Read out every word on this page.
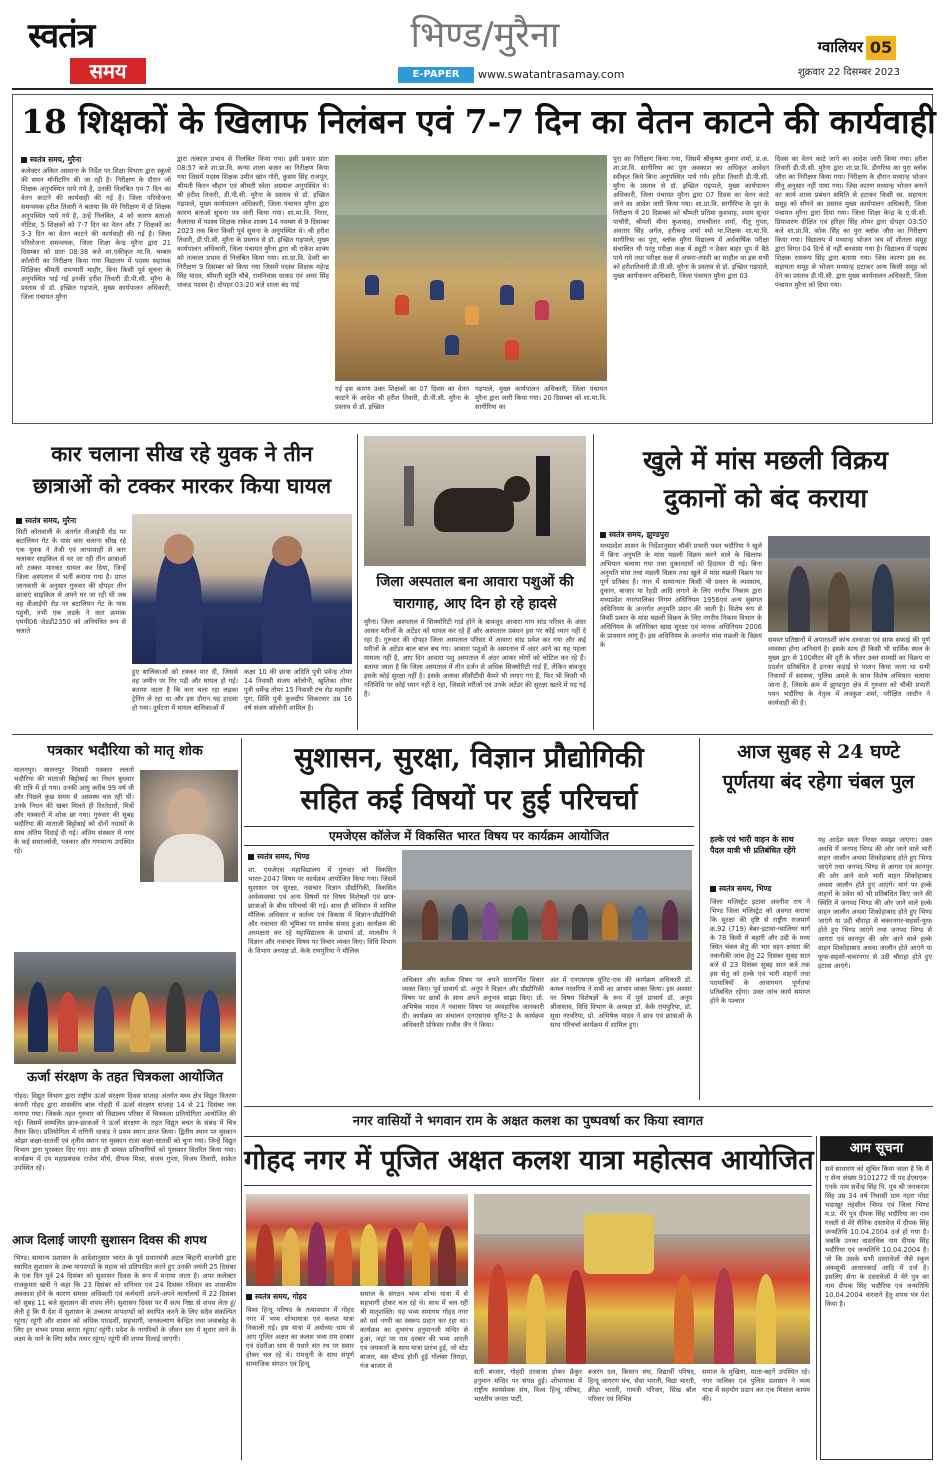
स्वतंत्र
समय
भिण्ड/मुरैना
E-PAPER	www.swatantrasamay.com
ग्वालियर 05
शुक्रवार 22 दिसम्बर 2023
18 शिक्षकों के खिलाफ निलंबन एवं 7-7 दिन का वेतन काटने की कार्यवाही
स्वतंत्र समय, मुरैना
कलेक्टर अंकित अस्थाना के निर्देश पर शिक्षा विभाग द्वारा स्कूलों की सघन मॉनीटरिंग की जा रही है। निरीक्षण के दौरान जो शिक्षक अनुपस्थित पाये गये है, उनकी निलंबित एवं 7 दिन का वेतन काटने की कार्यवाही की गई है। जिला परियोजना समन्वयक हरीश तिवारी ने बताया कि मेरे निरीक्षण में दो शिक्षक अनुपस्थित पाये गये है, उन्हें निलंबित, 4 को कारण बताओ नोटिस, 5 शिक्षकों को 7-7 दिन का वेतन और 7 शिक्षकों का 3-3 दिन का वेतन काटने की कार्यवाही की गई है। जिला परियोजना समन्वयक, जिला शिक्षा केन्द्र मुरैना द्वारा 21 दिसम्बर को प्रातः 08:38 बजे शा.एकीकृत मा.वि. चम्बल कॉलोनी का निरीक्षण किया गया विद्यालय में पदस्थ सहायक शिक्षिका श्रीमती रामप्यारी माहौर, बिना किसी पूर्व सूचना के अनुपस्थित पाई गईं इनकी हरीश तिवारी डी.पी.सी. मुरैना के प्रस्ताव से डॉ. इच्छित गढ़पाले, मुख्य कार्यपालन अधिकारी, जिला पंचायत मुरैना
द्वारा तत्काल प्रभाव से निलंबित किया गया। इसी प्रकार प्रातः 08:57 बजे शा.प्रा.वि. कन्या शाला बजार का निरीक्षण किया गया जिसमें पदस्थ शिक्षक उमीत खांन गोरी, कुसम सिंह राजपूत, श्रीमती किरन चौहान एवं श्रीमती स्वेता अग्रवाल अनुपस्थित थे। श्री हरीश तिवारी, डी.पी.सी. मुरैना के प्रस्ताव से डॉ. इच्छित गढ़पाले, मुख्य कार्यपालन अधिकारी, जिला पंचायत मुरैना द्वारा कारण बताओ सूचना पत्र जारी किया गया। शा.मा.वि. निरार, कैलारस में पदस्थ शिक्षक राकेश शाक्य 14 नवम्बर से 9 दिसम्बर 2023 तक बिना किसी पूर्व सूचना के अनुपस्थित थे। श्री हरीश तिवारी, डी.पी.सी. मुरैना के प्रस्ताव से डॉ. इच्छित गढ़पाले, मुख्य कार्यपालन अधिकारी, जिला पंचायत मुरैना द्वारा श्री राकेश शाक्य को तत्काल प्रभाव से निलंबित किया गया। शा.प्रा.वि. देवरी का निरीक्षण 9 दिसम्बर को किया गया जिसमें पदस्थ शिक्षक महेन्द्र सिंह यादव, श्रीमती स्तुति चौबे, रामनिवास धाकड एवं अमर सिंह धाकड पदस्थ है। दोपहर 03:20 बजे शाला बंद पाई
गई इस कारण उक्त शिक्षकों का 07 दिवस का वेतन काटने के आदेश श्री हरीश तिवारी, डी.पी.सी. मुरैना के प्रस्ताव से डॉ. इच्छित
गढ़पाले, मुख्य कार्यपालन अधिकारी, जिला पंचायत मुरैना द्वारा जारी किया गया। 20 दिसम्बर को शा.मा.वि. सागीरिया का
पुरा का निरीक्षण किया गया, जिसमें श्रीकृष्ण कुमार शर्मा, प्र.अ. शा.प्रा.वि. सागीरिया का पुरा अवकाश का अधिकृत आवेदन स्वीकृत किये बिना अनुपस्थित पाये गये। हरीश तिवारी डी.पी.सी. मुरैना के प्रस्ताव से डॉ. इच्छित गढ़पाले, मुख्य कार्यपालन अधिकारी, जिला पंचायत मुरैना द्वारा 07 दिवस का वेतन काटे जाने का आदेश जारी किया गया। शा.प्रा.वि. सागीरिया के पुरा के निरीक्षण में 20 दिसम्बर को श्रीमती प्रतिमा कुशवाह, श्याम सुन्दर पाचौरी, श्रीमती मीना कुशवाह, रामश्रीतार शर्मा, नीतू गुप्ता, अवतार सिंह अर्गल, हरीचन्द्र शर्मा श्यो मा.शिक्षक शा.मा.वि. सागीरिया का पुरा, ब्लॉक मुरैना विद्यालय में अर्धवार्षिक परीक्षा संचालित थी परंतु परीक्षा कक्ष में ड्यूटी न देकर बाहर धूप में बैठे पाये गये तथा परीक्षा कक्ष में अफरा-तफरी का माहौल था इस सभी को हरीशतिवारी डी.पी.सी. मुरैना के प्रस्ताव से डॉ. इच्छित गढ़पाले, मुख्य कार्यपालन अधिकारी, जिला पंचायत मुरैना द्वारा 03
दिवस का वेतन काटे जाने का आदेश जारी किया गया। हरीश तिवारी डी.पी.सी. मुरैना द्वारा शा.प्रा.वि. डीगरिया का पुरा ब्लॉक जौरा का निरीक्षण किया गया। निरीक्षण के दौरान मध्यान्ह भोजन मीनू अनुसार नहीं पाया गया। जिस कारण मध्यान्ह भोजन बनाने का कार्य शाला प्रबंधन समिति से हटाकर किसी स्व. सहायता समूह को सौंपने का प्रस्ताव मुख्य कार्यपालन अधिकारी, जिला पंचायत मुरैना द्वारा दिया गया। जिला शिक्षा केन्द्र के ए.पी.सी. प्रियाशरण दीक्षित एवं हरिहर सिंह तोमर द्वारा दोपहर 03:50 बजे शा.प्रा.वि. कोक सिंह का पुरा ब्लॉक जौरा का निरीक्षण किया गया। विद्यालय में मध्यान्ह भोजन जय माँ शीतला समूह द्वारा विगत 04 दिनो से नहीं बनवाया गया है। विद्यालय में पदस्थ शिक्षक रामरूप सिंह द्वारा बताया गया। जिस कारण इस स्व. सहायता समूह से भोजन मध्यान्ह हटाकर अन्य किसी समूह को देने का प्रस्ताव डी.पी.सी. द्वारा मुख्य कार्यपालन अधिकारी, जिला पंचायत मुरैना को दिया गया।
कार चलाना सीख रहे युवक ने तीन
छात्राओं को टक्कर मारकर किया घायल
स्वतंत्र समय, मुरैना
सिटी कोतवाली के अंतर्गत वीआईपी रोड पर बटालियन गेट के पास कार चलाना सीख रहे एक युवक ने तेजी एवं लापरवाही से कार चलाकर साइकिल से घर जा रही तीन छात्राओं को टक्कर मारकर घायल कर दिया, जिन्हें जिला अस्पताल में भर्ती कराया गया है। प्राप्त जानकारी के अनुसार गुरुवार की दोपहर तीन छात्राएं साइकिल से अपने घर जा रही थी जब वह वीआईपी रोड पर बटालियन गेट के पास पहुंची, तभी एक लड़के ने कार क्रमांक एमपी06 जेडडी2350 को अनियंत्रित रूप से चलाते
हुए बालिकाओं को टक्कर मार दी, जिससे वह जमीन पर गिर पड़ी और घायल हो गई। बताया जाता है कि कार चला रहा लड़का ट्रेनिंग ले रहा था और इस दौरान यह हादसा हो गया। दुर्घटना में घायल बालिकाओं में
कक्षा 10 की छात्रा अदिति पुत्री प्रवेन्द्र तोमर 14 निवासी संजय कॉलोनी, खुशिका तोमर पुत्री धर्मेन्द्र तोमर 15 निवासी टंच रोड महावीर पुरा, प्रिंसि पुत्री कुलदीप सिकरवार उम्र 16 वर्ष संजय कॉलोनी शामिल है।
जिला अस्पताल बना आवारा पशुओं की
चारागाह, आए दिन हो रहे हादसे
मुरैना। जिला अस्पताल में सिक्योरिटी गार्ड होने के बावजूद आवारा गाय सांड परिसर के अंदर आकर मरीजों के अटेंडर को घायल कर रहे हैं और अस्पताल प्रबंधन इस पर कोई ध्यान नहीं दे रहा है। गुरुवार की दोपहर जिला अस्पताल परिसर में आवारा सांड प्रवेश कर गया और कई मरीजों के अटेंडर बाल बाल बच गए। आवारा पशुओं के अस्पताल में अंदर आने का यह पहला मामला नहीं है, आए दिन आवारा पशु अस्पताल में अंदर आकर लोगों को चोटिल कर रहे हैं। बताया जाता है कि जिला अस्पताल में तीन दर्जन से अधिक सिक्योरिटी गार्ड हैं, लेकिन बावजूद इसके कोई सुरक्षा नहीं है। इसके अलावा सीसीटीवी कैमरे भी लगाए गए हैं, फिर भी किसी भी गतिविधि पर कोई ध्यान नहीं दे रहा, जिससे मरीजों एवं उनके अटेंडर की सुरक्षा खतरे में पड़ गई है।
खुले में मांस मछली विक्रय
दुकानों को बंद कराया
स्वतंत्र समय, झुण्डपुरा
मध्यप्रदेश शासन के निर्देशानुसार चौकी प्रभारी पवन भदौरिया ने खुले में बिना अनुमति के मांस मछली विक्रय करने वाले के खिलाफ अभियान चलाया गया तथा दुकानदारों को हिदायत दी गई। बिना अनुमति मांस तथा मछली विक्रय तथा खुले में मांस मछली विक्रय पर पूर्ण प्रतिबंध है। नगर में सामान्यतः किसी भी प्रकार के व्यवसाय, दुकान, बाजार या रेहड़ी आदि लगाने के लिए नगरीय निकाय द्वारा मध्यप्रदेश नगरपालिका निगम अधिनियम 1956एवं अन्य सुसंगत अधिनियम के अन्तर्गत अनुमति प्रदान की जाती है। विशेष रूप से किसी प्रकार के मांस मछली विक्रय के लिए नगरीय निकाय विभाग के अधिनियम के अतिरिक्त खाद्य सुरक्षा एवं मानक अधिनियम 2006 के प्रावधान लागू है। इस अधिनियम के अन्तर्गत मांस मछली के विक्रय के
समस्त प्रतिष्ठानों में अपारदर्शी कांच दरवाजा एवं साफ सफाई की पूर्ण व्यवस्था होना अनिवार्य है। इसके साथ ही किसी भी धार्मिक स्थल के मुख्य द्वार से 100मीटर की दूरी के भीतर उक्त सामग्री का विक्रय या प्रदर्शन प्रतिबंधित है इनका कड़ाई से पालन किया जाना था सभी निकायों में स्वास्थ्य, पुलिस अमले के साथ विशेष अभियान चलाया जाना है, जिसके क्रम में झुण्डपुरा क्षेत्र में गुरुवार को चौकी प्रभारी पवन भदौरिया के नेतृत्व में लवकुश शर्मा, परीक्षित जादौन ने कार्यवाही की है।
पत्रकार भदौरिया को मातृ शोक
मालनपुर। मालनपुर निवासी पत्रकार ललतो भदौरिया की माताजी बिट्टोबाई का निधन बुधवार की रात्रि में हो गया। उनकी आयु करीब 99 वर्ष थी और पिछले कुछ समय से अस्वस्थ चल रही थीं। उनके निधन की खबर मिलते ही रिश्तेदारों, मित्रों और पत्रकारों में शोक छा गया। गुरुवार की सुबह भदौरिया की माताजी बिट्टोबाई को दोनों नवासों के साथ अंतिम विदाई दी गई। अंतिम संस्कार में नगर के कई समाजसेवी, पत्रकार और गणमान्य उपस्थित रहे।
सुशासन, सुरक्षा, विज्ञान प्रौद्योगिकी
सहित कई विषयों पर हुई परिचर्चा
एमजेएस कॉलेज में विकसित भारत विषय पर कार्यक्रम आयोजित
स्वतंत्र समय, भिण्ड
शा. एमजेएस महाविद्यालय में गुरुवार को विकसित भारत-2047 विषय पर कार्यक्रम आयोजित किया गया। जिसमें सुशासन एवं सुरक्षा, नवाचार विज्ञान प्रौद्योगिकी, विकसित अर्थव्यवस्था एवं अन्य विषयों पर विषय विशेषज्ञों एवं छात्र-छात्राओं के बीच परिचर्चा की गई। साथ ही संविधान में शामिल मौलिक अधिकार व कर्तव्य एवं विकास में विज्ञान-प्रौद्योगिकी और नवाचार की भूमिका पर सार्थक संवाद हुआ। कार्यक्रम की अध्यक्षता कर रहे महाविद्यालय के प्राचार्य डॉ. मालवीय ने विज्ञान और नवाचार विषय पर विचार व्यक्त किए। विधि विभाग के विभाग अध्यक्ष डॉ. केके रायपुरिया ने मौलिक
अधिकार और कर्तव्य विषय पर अपने सारगर्भित विचार व्यक्त किए। पूर्व प्राचार्य डॉ. अनूप ने विज्ञान और प्रौद्योगिकी विषय पर छात्रों के साथ अपने अनुभव साझा किए। प्रो. अभिषेक यादव ने नवाचार विषय पर व्यवहारिक जानकारी दी। कार्यक्रम का संचालन एनएसएस यूनिट-2 के कार्यक्रम अधिकारी प्रोफेसर राजीव जैन ने किया।
अंत में एनएसएस यूनिट-एक की कार्यक्रम अधिकारी डॉ. कमल नरवरिया ने सभी का आभार व्यक्त किया। इस अवसर पर विषय विशेषज्ञों के रूप में पूर्व प्राचार्य डॉ. अनूप श्रीवास्तव, विधि विभाग के अध्यक्ष डॉ. केके रायपुरिया, डॉ. सुधा नरवरिया, प्रो. अभिषेक यादव ने छात्र एवं छात्राओं के साथ परिचर्चा कार्यक्रम में शामिल हुए।
आज सुबह से 24 घण्टे
पूर्णतया बंद रहेगा चंबल पुल
हल्के एवं भारी वाहन के साथ पैदल यात्री भी प्रतिबंधित रहेंगे
स्वतंत्र समय, भिण्ड
जिला मजिस्ट्रेट इटावा अवनीश राय ने भिण्ड जिला मजिस्ट्रेट को अवगत कराया कि सुरक्षा की दृष्टि से राष्ट्रीय राजमार्ग क्र.92 (719) बेबर-इटावा-ग्वालियर मार्ग के 78 किमी में बहारी और उदी के मध्य स्थित चंबल सेतु की भार वहन क्षमता की तकनीकी जांच हेतु 22 दिसंबर सुबह सात बजे से 23 दिसंबर सुबह सात बजे तक इस सेतु को हल्के एवं भारी वाहनों तथा पदयात्रियों के आवागमन पूर्णतया प्रतिबंधित रहेगा। उक्त जांच कार्य समाप्त होने के पश्चात
यह आदेश स्वतः निरस्त समझा जाएगा। उक्त अवधि में जनपद भिण्ड की ओर जाने वाले भारी वाहन जालौन अथवा शिकोहाबाद होते हुए भिण्ड जाएंगे तथा जनपद भिण्ड से आगरा एवं कानपुर की ओर आने वाले भारी वाहन शिकोहाबाद अथवा जालौन होते हुए आएंगे। मार्ग पर हल्के वाहनों के प्रवेश को भी प्रतिबंधित किए जाने की स्थिति में जनपद भिण्ड की ओर जाने वाले हल्के वाहन जालौन अथवा शिकोहाबाद होते हुए भिण्ड जाएंगे या उदी चौराहा से चकरनगर-सहसों-फूफ होते हुए भिण्ड जाएंगे तथा जनपद भिण्ड से आगरा एवं कानपुर की ओर आने वाले हल्के वाहन शिकोहाबाद अथवा जालौन होते आएंगे या फूफ-सहसों-चकरनगर से उदी चौराहा होते हुए इटावा आएंगे।
ऊर्जा संरक्षण के तहत चित्रकला आयोजित
गोहद। विद्युत विभाग द्वारा राष्ट्रीय ऊर्जा संरक्षण दिवस सप्ताह अंतर्गत मध्य क्षेत्र विद्युत वितरण कंपनी गोहद द्वारा शासकीय बाल गोहदी में ऊर्जा संरक्षण सप्ताह 14 से 21 दिसंबर तक मनाया गया। जिसके तहत गुरुवार को विद्यालय परिसर में चित्रकला प्रतियोगिता आयोजित की गई। जिसमें सम्मलित छात्र-छात्राओं ने ऊर्जा संरक्षण के तहत विद्युत बचत के संबंध में चित्र तैयार किए। प्रतियोगिता में रागिनी धाकड़ ने प्रथम स्थान प्राप्त किया। द्वितीय स्थान पर मुस्कान ओझा कक्षा-सातवीं एवं तृतीय स्थान पर मुस्कान राजा कक्षा-सातवीं को चुना गया। जिन्हें विद्युत विभाग द्वारा पुरस्कार दिए गए। साथ ही समस्त प्रतिभागियों को पुरस्कार वितरित किया गया। कार्यक्रम में उप महाप्रबंधक राजेश मौर्य, दीपक मिश्रा, संजय गुप्ता, विजय तिवारी, साकेत उपस्थित रहे।
आज दिलाई जाएगी सुशासन दिवस की शपथ
भिण्ड। सामान्य प्रशासन के आदेशानुसार भारत के पूर्व प्रधानमंत्री अटल बिहारी वाजपेयी द्वारा स्थापित सुशासन के उच्च मापदण्डों के महत्व को प्रतिपादित करने हुए उनकी जयंती 25 दिसंबर के एक दिन पूर्व 24 दिसंबर को सुशासन दिवस के रूप में मनाया जाता है। अपर कलेक्टर राजकुमार खत्री ने कहा कि 23 दिसंबर को शनिवार एवं 24 दिसंबर रविवार का शासकीय अवकाश होने के कारण समस्त अधिकारी एवं कर्मचारी अपने-अपने कार्यालयों में 22 दिसंबर को सुबह 11 बजे सुशासन की शपथ लेंगे। सुशासन दिवस पर मैं सत्य निष्ठा से शपथ लेता हूं/लेती हूं कि मैं देश में सुशासन के उच्चतम मापदण्डों को स्थापित करने के लिए सदैव संकल्पित रहूंगा/ रहूंगी और शासन को अधिक पारदर्शी, सहभागी, जनकल्याण केन्द्रित तथा जवाबदेह के लिए हर संभव प्रयास करता रहूंगा/ रहूंगी। प्रदेश के नागरिकों के जीवन स्तर में सुधार लाने के लक्ष्य के पाने के लिए सदैव तत्पर रहूंगा/ रहूंगी की शपथ दिलाई जाएगी।
नगर वासियों ने भगवान राम के अक्षत कलश का पुष्पवर्षा कर किया स्वागत
गोहद नगर में पूजित अक्षत कलश यात्रा महोत्सव आयोजित
स्वतंत्र समय, गोहद
विश्व हिन्दू परिषद के तत्वावधान में गोहद नगर में भव्य शोभायात्रा एवं कलश यात्रा निकाली गई। इस यात्रा में अयोध्या धाम से आए पूजित अक्षत का कलश भव्य राम दरबार एवं दंदरौआ धाम से पधारे संत रथ पर सवार होकर चल रहे थे। रामधुनी के साथ संपूर्ण सामाजिक संगठन एवं हिन्दू
समाज के संगठन भव्य शोभा यात्रा में से सहभागी होकर चल रहे थे। साथ में चल रही श्री मातृशक्ति। यह भव्य समागम गोहद नगर को धर्म नगरी का स्वरूप प्रदान कर रहा था। कार्यक्रम का शुभारंभ हनुमानजी मन्दिर से हुआ, जहां पर राम दरबार की भव्य आरती एवं जयकारों के साथ यात्रा प्रारंभ हुई, जो स्टेट बाजार, बस स्टैण्ड होती हुई गोलंबर तिराहा, गंज बाजार से
सती बाजार, गोहदी दरवाजा होकर छैकुर हनुमान मन्दिर पर संपन्न हुई। शोभायात्रा में राष्ट्रीय स्वयंसेवक संघ, विश्व हिन्दू परिषद, भारतीय जनता पार्टी,
बजरंग दल, किसान संघ, विद्यार्थी परिषद, हिन्दू जागरण मंच, सेवा भारती, विद्या भारती, क्रीड़ा भारती, गायत्री परिवार, सिख बोल परिवार एवं विभिन्न
समाज के मुखिया, माता-बहनें उपस्थित रहे। नगर पालिका एवं पुलिस प्रशासन ने भव्य यात्रा में सहयोग प्रदान कर एक मिसाल कायम की।
आम सूचना
सर्व साधारण को सूचित किया जाता है कि मैं ए सेना संख्या 9101272 पी पद ईएसएल-एनके नाम सर्वेन्द्र सिंह पि. पुत्र श्री जनकराम सिंह उम्र 34 वर्ष निवासी ग्राम नहरा पोस्ट भदाखूर तहसील भिण्ड एवं जिला भिण्ड म.प्र. मेरे पुत्र दीपक सिंह भदौरिया का नाम गलती से मेरे सैनिक दस्तावेज में दीपक सिंह जन्मतिथि 10.04.2004 दर्ज हो गया है। जबकि उनका वास्तविक नाम दीपक सिंह भदौरिया एवं जन्मतिथि 10.04.2004 है। जो कि उसके सभी दस्तावेजों जैसे स्कूल अंकसूची आधारकार्ड आदि में दर्ज है। इसलिए सेना के दस्तावेजों में मेरे पुत्र का नाम दीपक सिंह भदौरिया एवं जन्मतिथि 10.04.2004 करवाने हेतु शपथ पत्र पेश किया है।
